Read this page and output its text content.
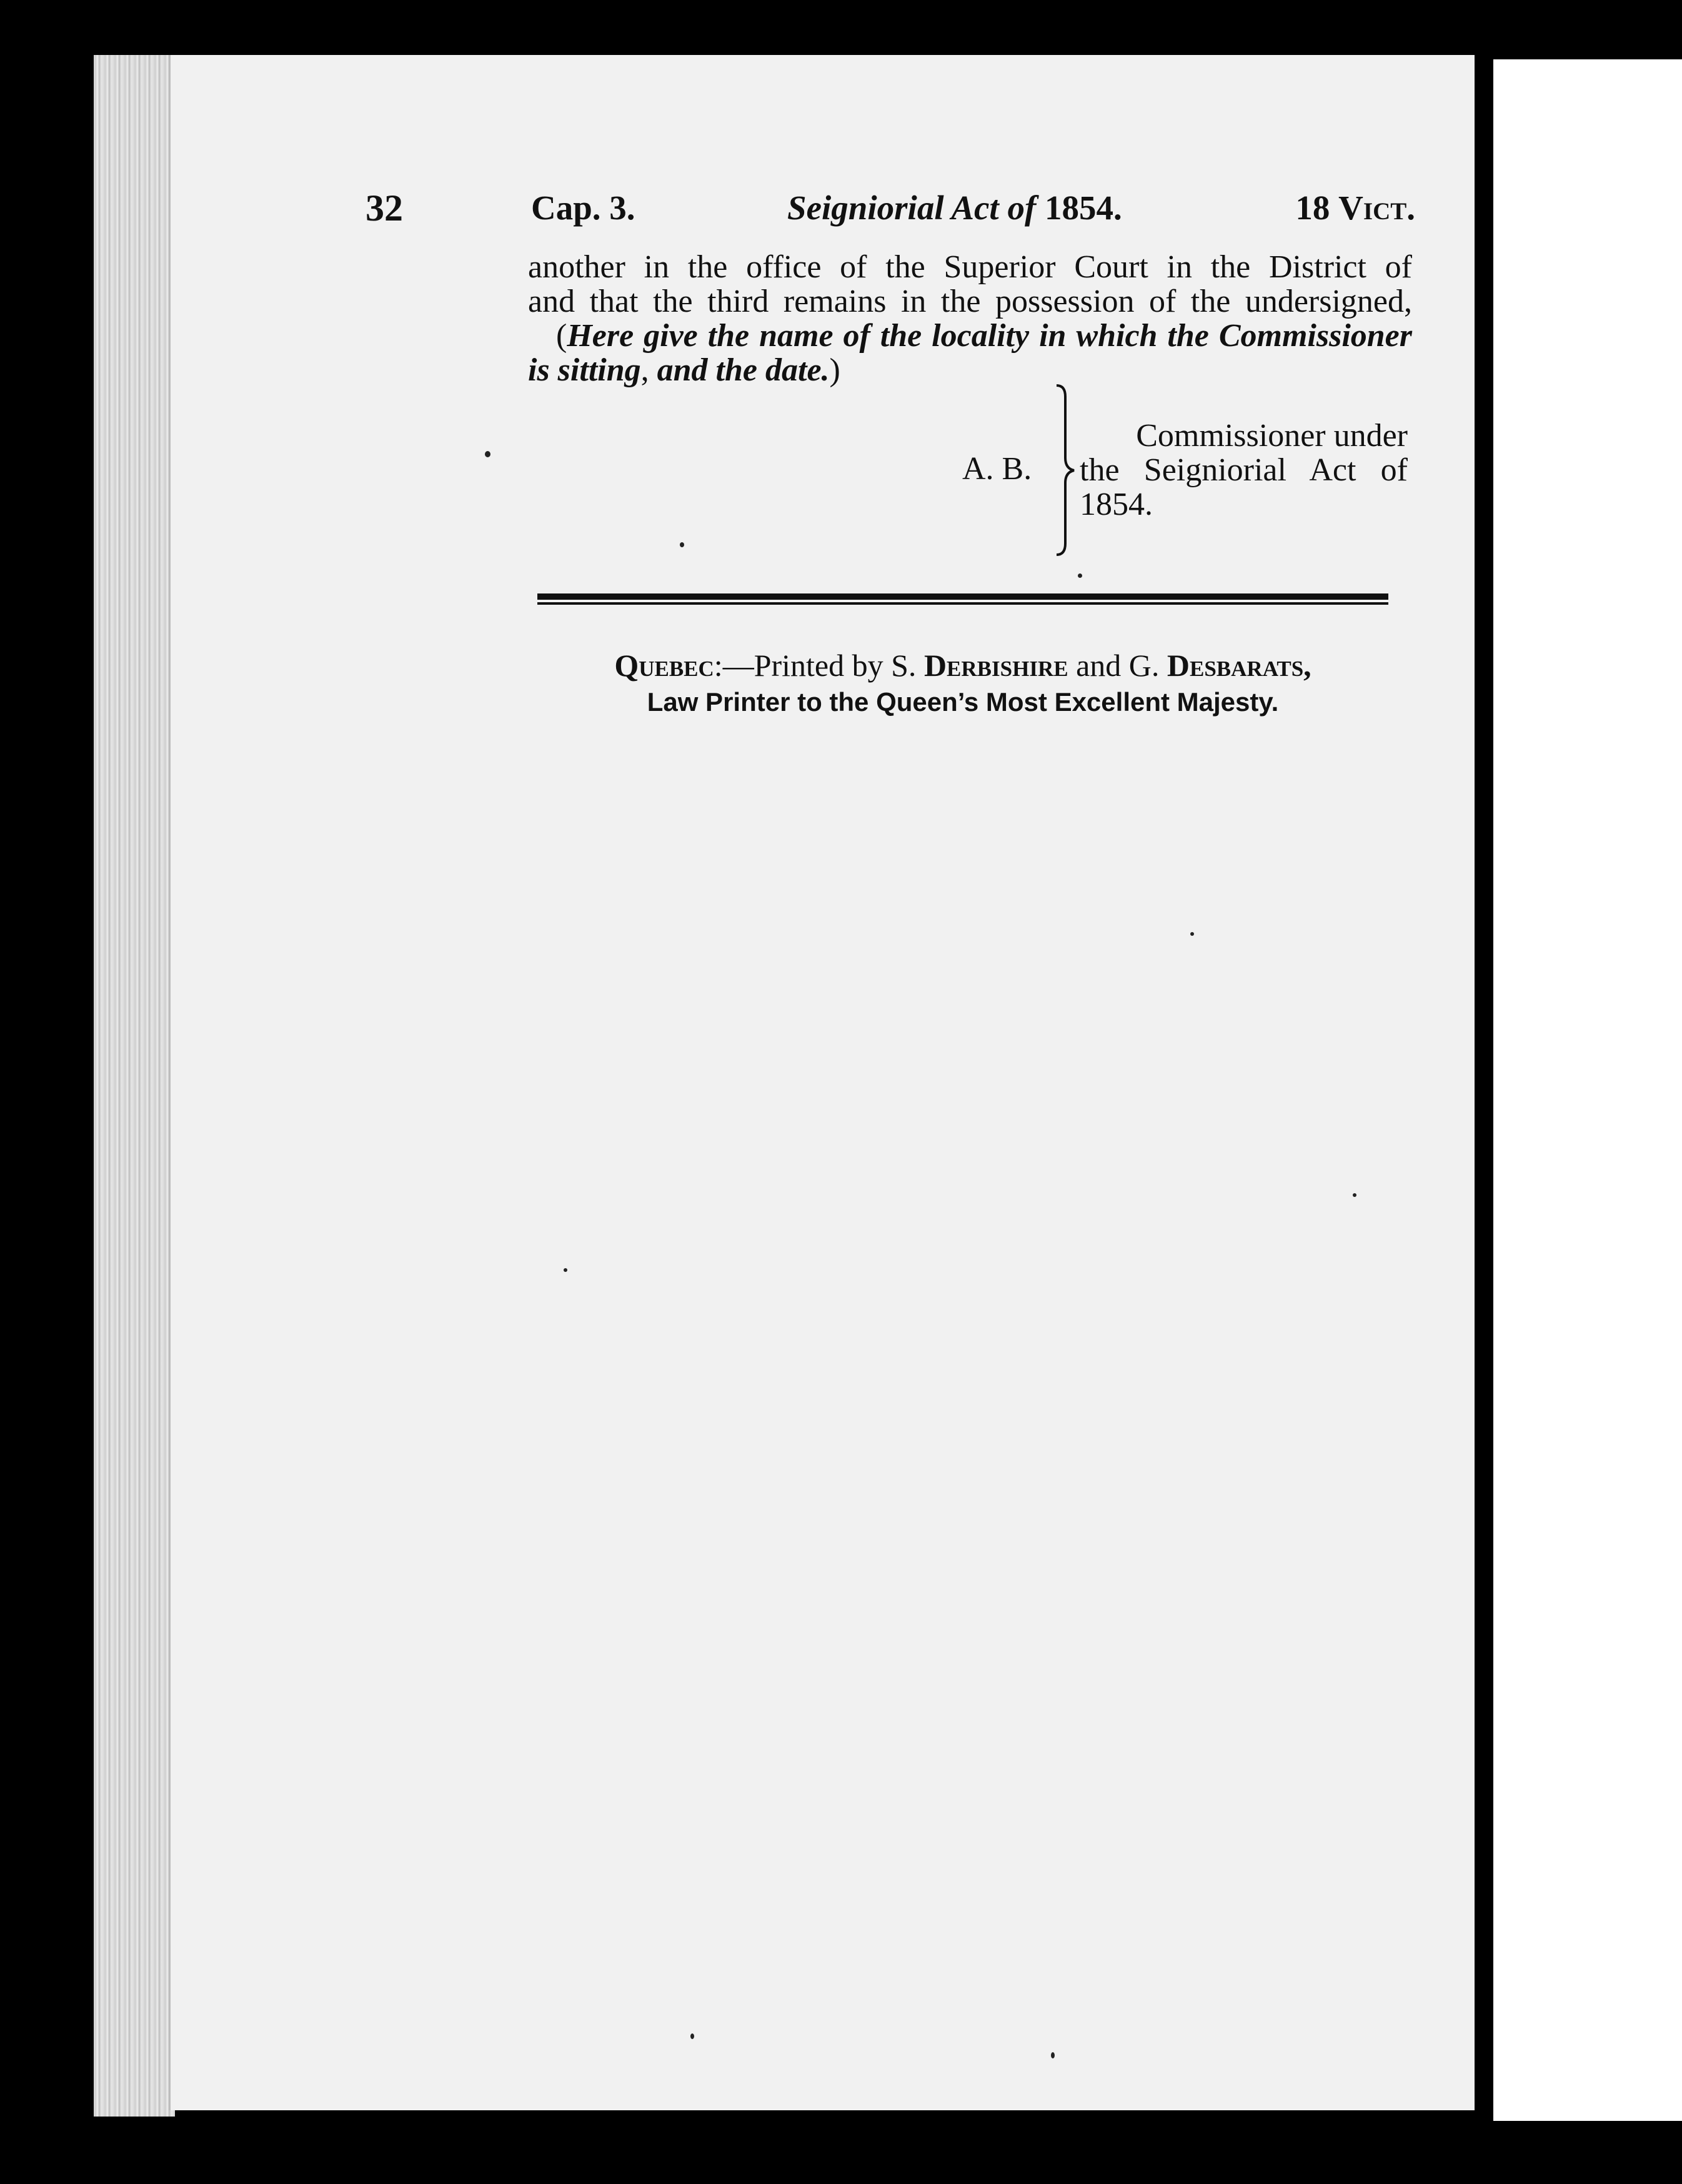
32	Cap. 3.	Seigniorial Act of 1854.	18 Vict.
another in the office of the Superior Court in the District of
and that the third remains in the possession of the undersigned,
(Here give the name of the locality in which the Commissioner
is sitting, and the date.)
A. B.
Commissioner under
the Seigniorial Act of
1854.
Quebec:—Printed by S. Derbishire and G. Desbarats,
Law Printer to the Queen’s Most Excellent Majesty.
